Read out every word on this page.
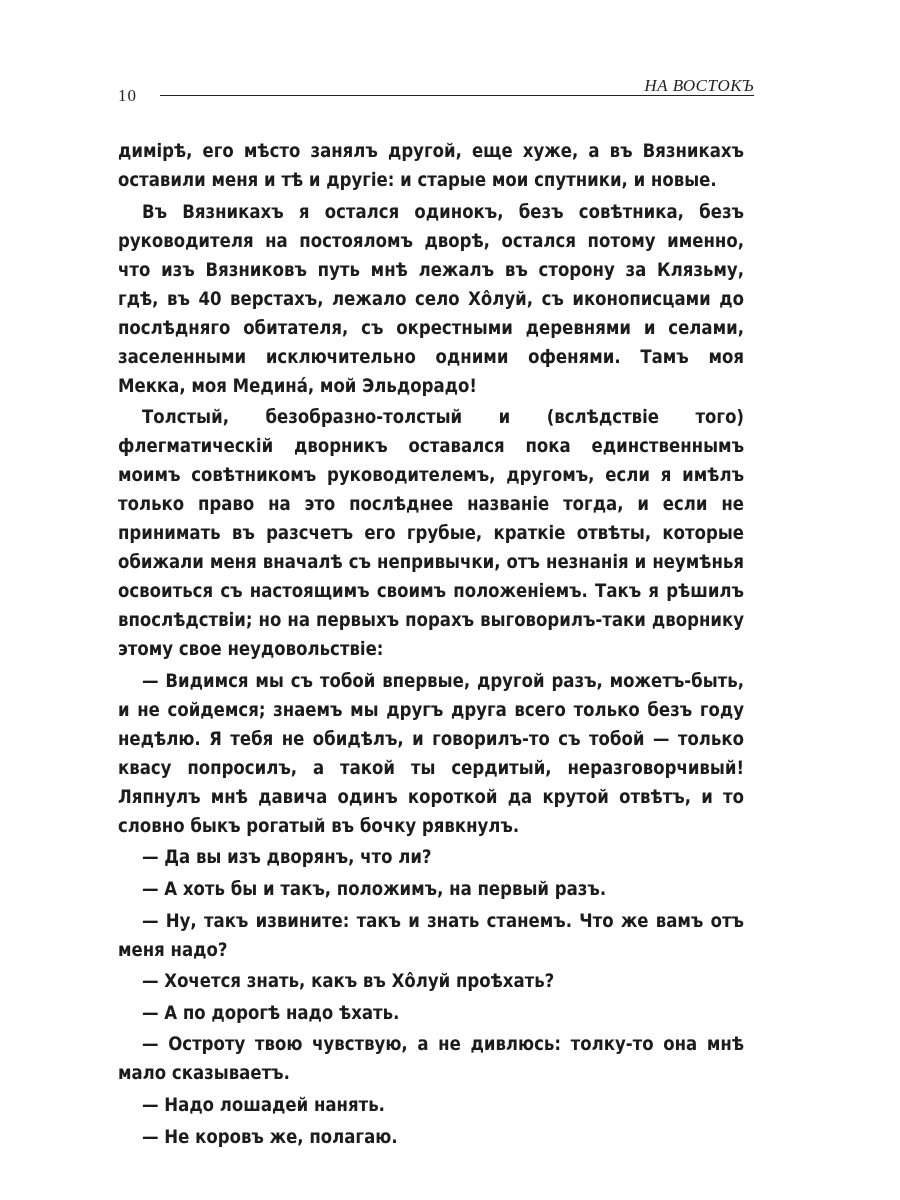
10
НА ВОСТОКЪ

димірѣ, его мѣсто занялъ другой, еще хуже, а въ Вязникахъ оставили меня и тѣ и другіе: и старые мои спутники, и новые.

Въ Вязникахъ я остался одинокъ, безъ совѣтника, безъ руководителя на постояломъ дворѣ, остался потому именно, что изъ Вязниковъ путь мнѣ лежалъ въ сторону за Клязьму, гдѣ, въ 40 верстахъ, лежало село Хо̂луй, съ иконописцами до послѣдняго обитателя, съ окрестными деревнями и селами, заселенными исключительно одними офенями. Тамъ моя Мекка, моя Медина́, мой Эльдорадо!

Толстый, безобразно-толстый и (вслѣдствіе того) флегматическій дворникъ оставался пока единственнымъ моимъ совѣтникомъ руководителемъ, другомъ, если я имѣлъ только право на это послѣднее названіе тогда, и если не принимать въ разсчетъ его грубые, краткіе отвѣты, которые обижали меня вначалѣ съ непривычки, отъ незнанія и неумѣнья освоиться съ настоящимъ своимъ положеніемъ. Такъ я рѣшилъ впослѣдствіи; но на первыхъ порахъ выговорилъ-таки дворнику этому свое неудовольствіе:

— Видимся мы съ тобой впервые, другой разъ, можетъ-быть, и не сойдемся; знаемъ мы другъ друга всего только безъ году недѣлю. Я тебя не обидѣлъ, и говорилъ-то съ тобой — только квасу попросилъ, а такой ты сердитый, неразговорчивый! Ляпнулъ мнѣ давича одинъ короткой да крутой отвѣтъ, и то словно быкъ рогатый въ бочку рявкнулъ.

— Да вы изъ дворянъ, что ли?

— А хоть бы и такъ, положимъ, на первый разъ.

— Ну, такъ извините: такъ и знать станемъ. Что же вамъ отъ меня надо?

— Хочется знать, какъ въ Хо̂луй проѣхать?

— А по дорогѣ надо ѣхать.

— Остроту твою чувствую, а не дивлюсь: толку-то она мнѣ мало сказываетъ.

— Надо лошадей нанять.

— Не коровъ же, полагаю.
